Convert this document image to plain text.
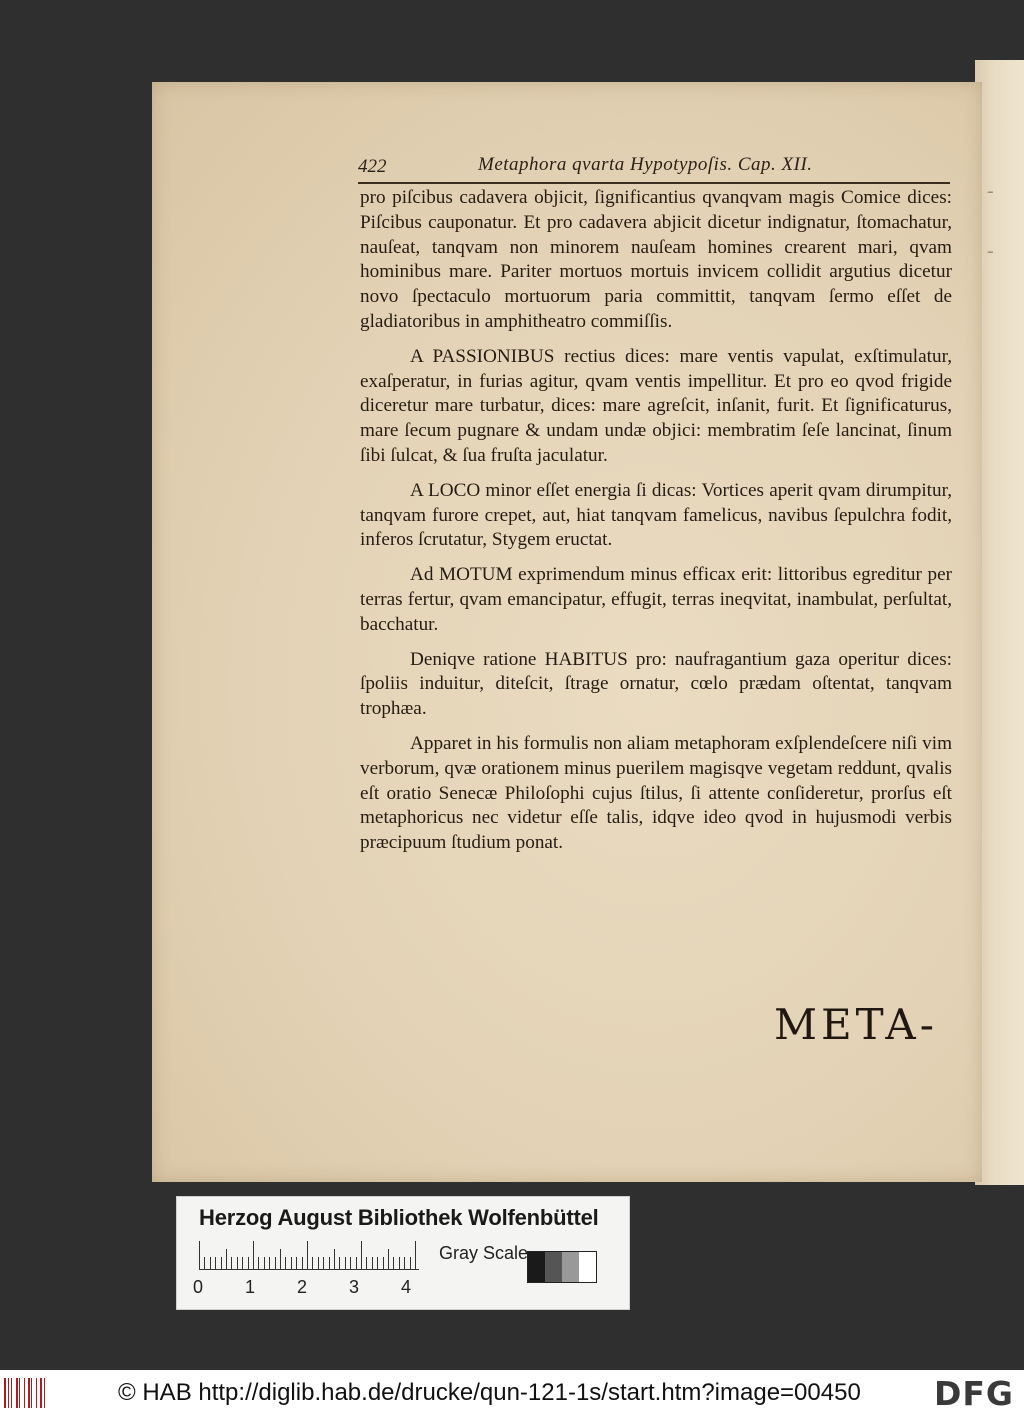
-
-
422	Metaphora qvarta Hypotypoſis. Cap. XII.

pro piſcibus cadavera objicit, ſignificantius qvanqvam magis Comice dices: Piſcibus cauponatur. Et pro cadavera abjicit dicetur indignatur, ſtomachatur, nauſeat, tanqvam non minorem nauſeam homines crearent mari, qvam hominibus mare. Pariter mortuos mortuis invicem collidit argutius dicetur novo ſpectaculo mortuorum paria committit, tanqvam ſermo eſſet de gladiatoribus in amphitheatro commiſſis.

A PASSIONIBUS rectius dices: mare ventis vapulat, exſtimulatur, exaſperatur, in furias agitur, qvam ventis impellitur. Et pro eo qvod frigide diceretur mare turbatur, dices: mare agreſcit, inſanit, furit. Et ſignificaturus, mare ſecum pugnare & undam undæ objici: membratim ſeſe lancinat, ſinum ſibi ſulcat, & ſua fruſta jaculatur.

A LOCO minor eſſet energia ſi dicas: Vortices aperit qvam dirumpitur, tanqvam furore crepet, aut, hiat tanqvam famelicus, navibus ſepulchra fodit, inferos ſcrutatur, Stygem eructat.

Ad MOTUM exprimendum minus efficax erit: littoribus egreditur per terras fertur, qvam emancipatur, effugit, terras ineqvitat, inambulat, perſultat, bacchatur.

Deniqve ratione HABITUS pro: naufragantium gaza operitur dices: ſpoliis induitur, diteſcit, ſtrage ornatur, cœlo prædam oſtentat, tanqvam trophæa.

Apparet in his formulis non aliam metaphoram exſplendeſcere niſi vim verborum, qvæ orationem minus puerilem magisqve vegetam reddunt, qvalis eſt oratio Senecæ Philoſophi cujus ſtilus, ſi attente conſideretur, prorſus eſt metaphoricus nec videtur eſſe talis, idqve ideo qvod in hujusmodi verbis præcipuum ſtudium ponat.

META-
Herzog August Bibliothek Wolfenbüttel
0 1 2 3 4
Gray Scale
© HAB http://diglib.hab.de/drucke/qun-121-1s/start.htm?image=00450 DFG
